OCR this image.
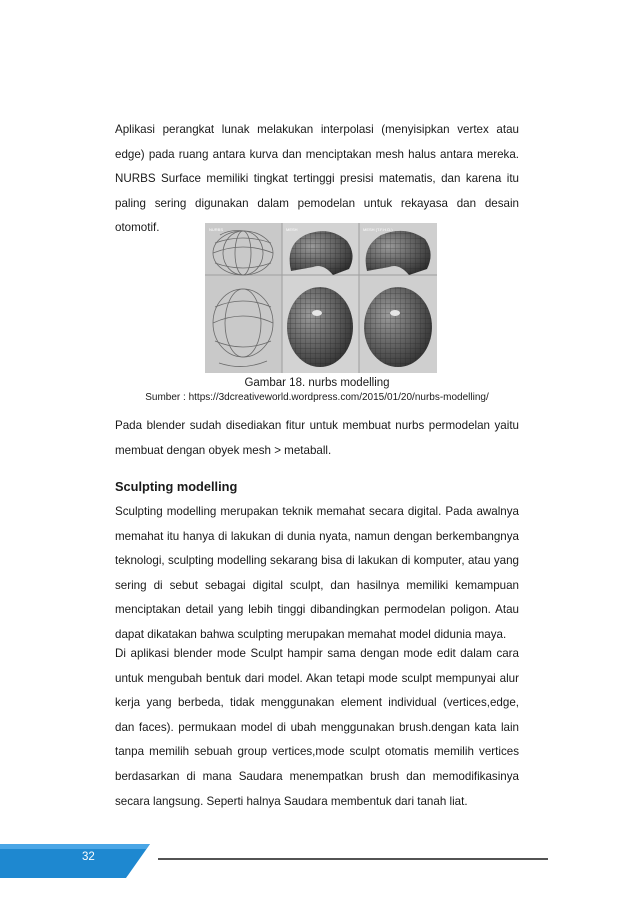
Aplikasi perangkat lunak melakukan interpolasi (menyisipkan vertex atau edge) pada ruang antara kurva dan menciptakan mesh halus antara mereka. NURBS Surface memiliki tingkat tertinggi presisi matematis, dan karena itu paling sering digunakan dalam pemodelan untuk rekayasa dan desain otomotif.	NURBS	MESH	MESH (T.F.H.D.)

Gambar 18. nurbs modelling

Sumber : https://3dcreativeworld.wordpress.com/2015/01/20/nurbs-modelling/

Pada blender sudah disediakan fitur untuk membuat nurbs permodelan yaitu membuat dengan obyek mesh > metaball.

Sculpting modelling

Sculpting modelling merupakan teknik memahat secara digital. Pada awalnya memahat itu hanya di lakukan di dunia nyata, namun dengan berkembangnya teknologi, sculpting modelling sekarang bisa di lakukan di komputer, atau yang sering di sebut sebagai digital sculpt, dan hasilnya memiliki kemampuan menciptakan detail yang lebih tinggi dibandingkan permodelan poligon. Atau dapat dikatakan bahwa sculpting merupakan memahat model didunia maya.

Di aplikasi blender mode Sculpt hampir sama dengan mode edit dalam cara untuk mengubah bentuk dari model. Akan tetapi mode sculpt mempunyai alur kerja yang berbeda, tidak menggunakan element individual (vertices,edge, dan faces). permukaan model di ubah menggunakan brush.dengan kata lain tanpa memilih sebuah group vertices,mode sculpt otomatis memilih vertices berdasarkan di mana Saudara menempatkan brush dan memodifikasinya secara langsung. Seperti halnya Saudara membentuk dari tanah liat.

32
